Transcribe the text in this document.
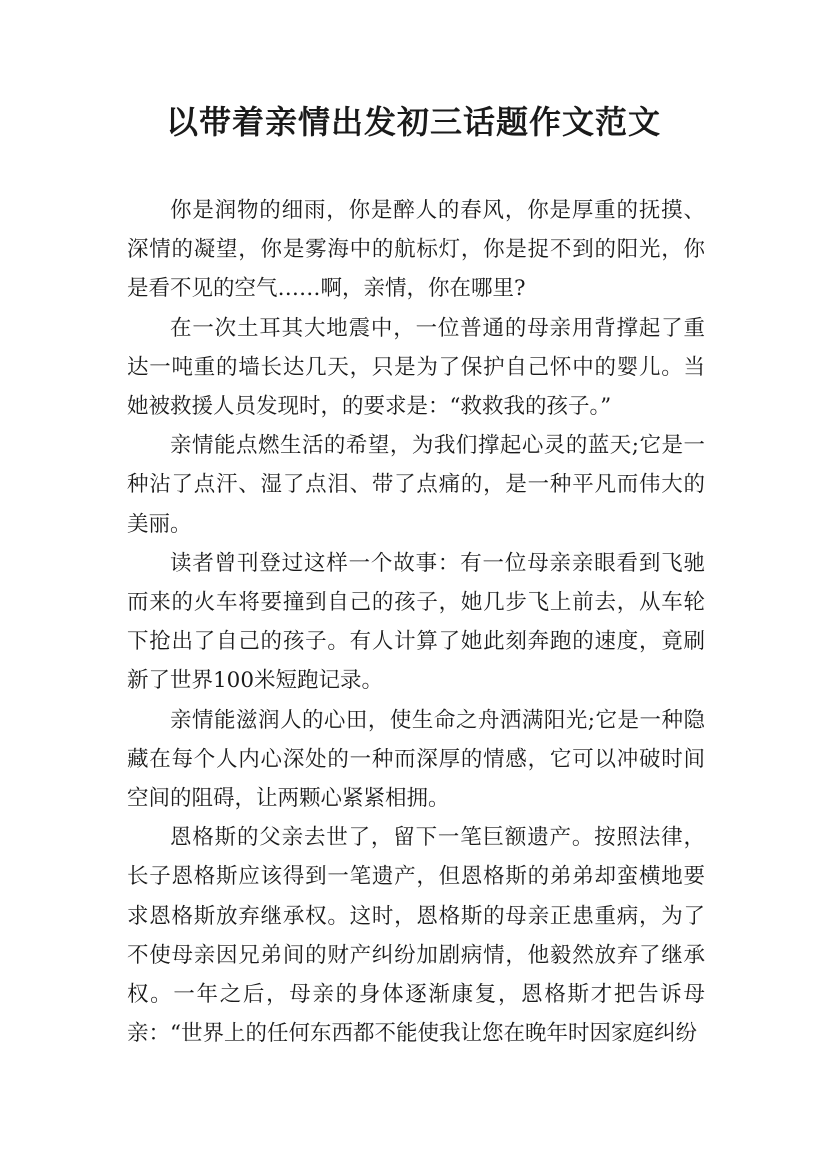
以带着亲情出发初三话题作文范文

你是润物的细雨，你是醉人的春风，你是厚重的抚摸、深情的凝望，你是雾海中的航标灯，你是捉不到的阳光，你是看不见的空气……啊，亲情，你在哪里?

在一次土耳其大地震中，一位普通的母亲用背撑起了重达一吨重的墙长达几天，只是为了保护自己怀中的婴儿。当她被救援人员发现时，的要求是：“救救我的孩子。”

亲情能点燃生活的希望，为我们撑起心灵的蓝天;它是一种沾了点汗、湿了点泪、带了点痛的，是一种平凡而伟大的美丽。

读者曾刊登过这样一个故事：有一位母亲亲眼看到飞驰而来的火车将要撞到自己的孩子，她几步飞上前去，从车轮下抢出了自己的孩子。有人计算了她此刻奔跑的速度，竟刷新了世界100米短跑记录。

亲情能滋润人的心田，使生命之舟洒满阳光;它是一种隐藏在每个人内心深处的一种而深厚的情感，它可以冲破时间空间的阻碍，让两颗心紧紧相拥。

恩格斯的父亲去世了，留下一笔巨额遗产。按照法律，长子恩格斯应该得到一笔遗产，但恩格斯的弟弟却蛮横地要求恩格斯放弃继承权。这时，恩格斯的母亲正患重病，为了不使母亲因兄弟间的财产纠纷加剧病情，他毅然放弃了继承权。一年之后，母亲的身体逐渐康复，恩格斯才把告诉母亲：“世界上的任何东西都不能使我让您在晚年时因家庭纠纷
